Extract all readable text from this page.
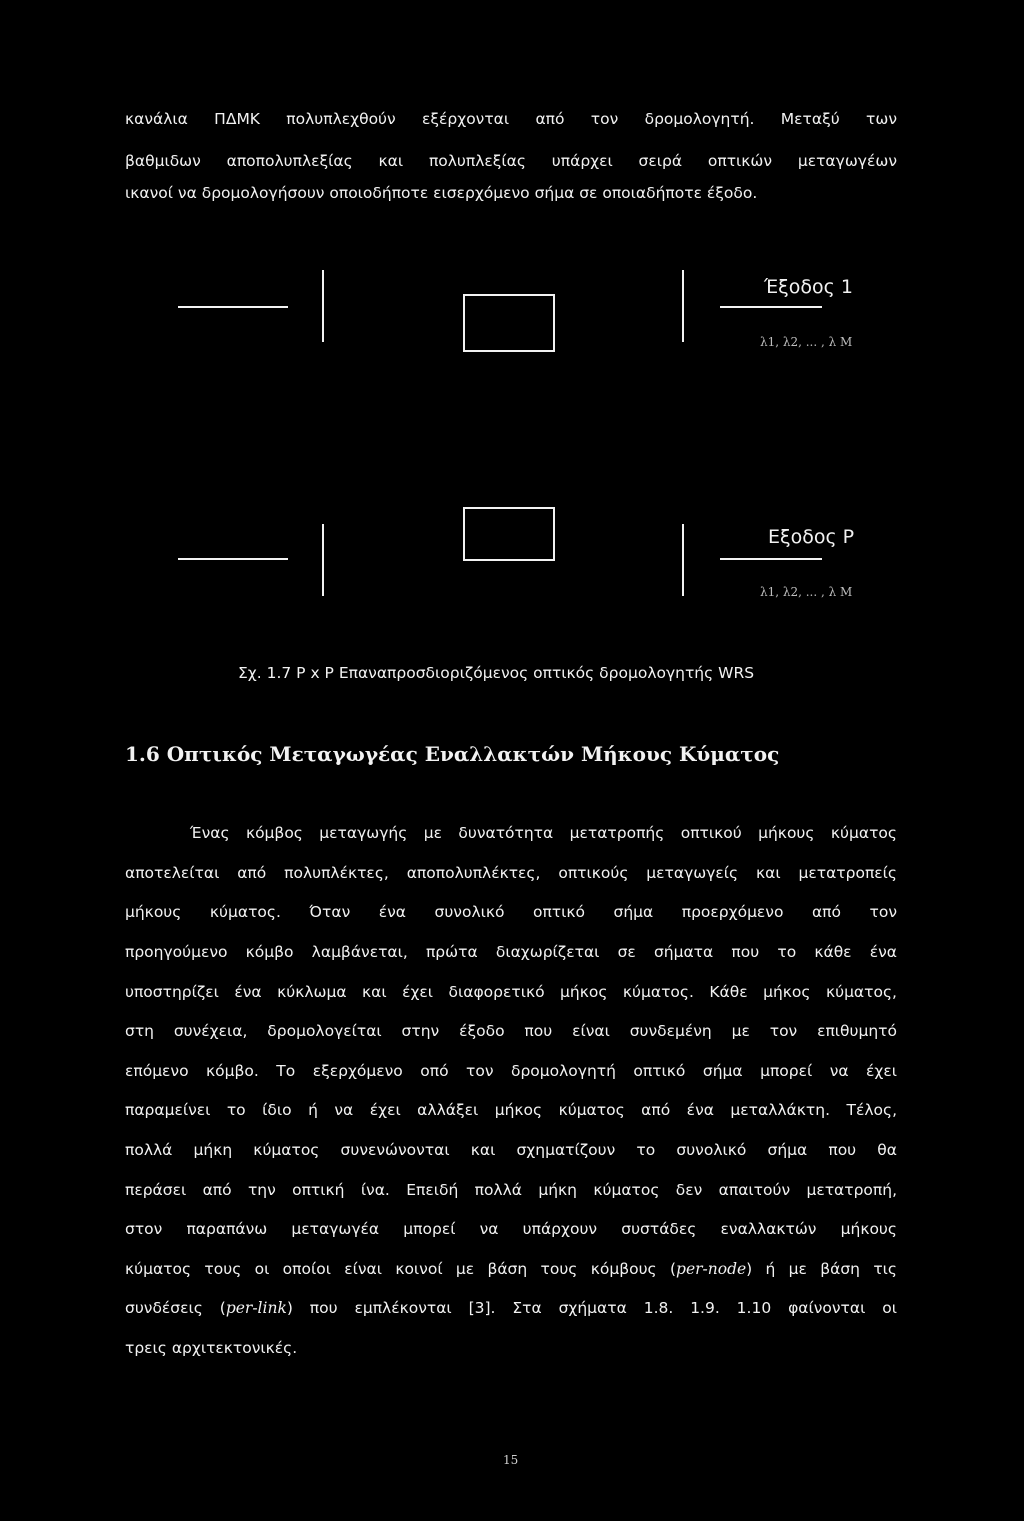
κανάλια ΠΔΜΚ πολυπλεχθούν εξέρχονται από τον δρομολογητή. Μεταξύ των
βαθμιδων αποπολυπλεξίας και πολυπλεξίας υπάρχει σειρά οπτικών μεταγωγέων
ικανοί να δρομολογήσουν οποιοδήποτε εισερχόμενο σήμα σε οποιαδήποτε έξοδο.
Έξοδος 1
λ1, λ2, ... , λ M
Εξοδος P
λ1, λ2, ... , λ M
Σχ. 1.7 P x P Επαναπροσδιοριζόμενος οπτικός δρομολογητής WRS
1.6 Οπτικός Μεταγωγέας Εναλλακτών Μήκους Κύματος
Ένας κόμβος μεταγωγής με δυνατότητα μετατροπής οπτικού μήκους κύματος
αποτελείται από πολυπλέκτες, αποπολυπλέκτες, οπτικούς μεταγωγείς και μετατροπείς
μήκους κύματος. Όταν ένα συνολικό οπτικό σήμα προερχόμενο από τον
προηγούμενο κόμβο λαμβάνεται, πρώτα διαχωρίζεται σε σήματα που το κάθε ένα
υποστηρίζει ένα κύκλωμα και έχει διαφορετικό μήκος κύματος. Κάθε μήκος κύματος,
στη συνέχεια, δρομολογείται στην έξοδο που είναι συνδεμένη με τον επιθυμητό
επόμενο κόμβο. Το εξερχόμενο οπό τον δρομολογητή οπτικό σήμα μπορεί να έχει
παραμείνει το ίδιο ή να έχει αλλάξει μήκος κύματος από ένα μεταλλάκτη. Τέλος,
πολλά μήκη κύματος συνενώνονται και σχηματίζουν το συνολικό σήμα που θα
περάσει από την οπτική ίνα. Επειδή πολλά μήκη κύματος δεν απαιτούν μετατροπή,
στον παραπάνω μεταγωγέα μπορεί να υπάρχουν συστάδες εναλλακτών μήκους
κύματος τους οι οποίοι είναι κοινοί με βάση τους κόμβους (per-node) ή με βάση τις
συνδέσεις (per-link) που εμπλέκονται [3]. Στα σχήματα 1.8. 1.9. 1.10 φαίνονται οι
τρεις αρχιτεκτονικές.
15
